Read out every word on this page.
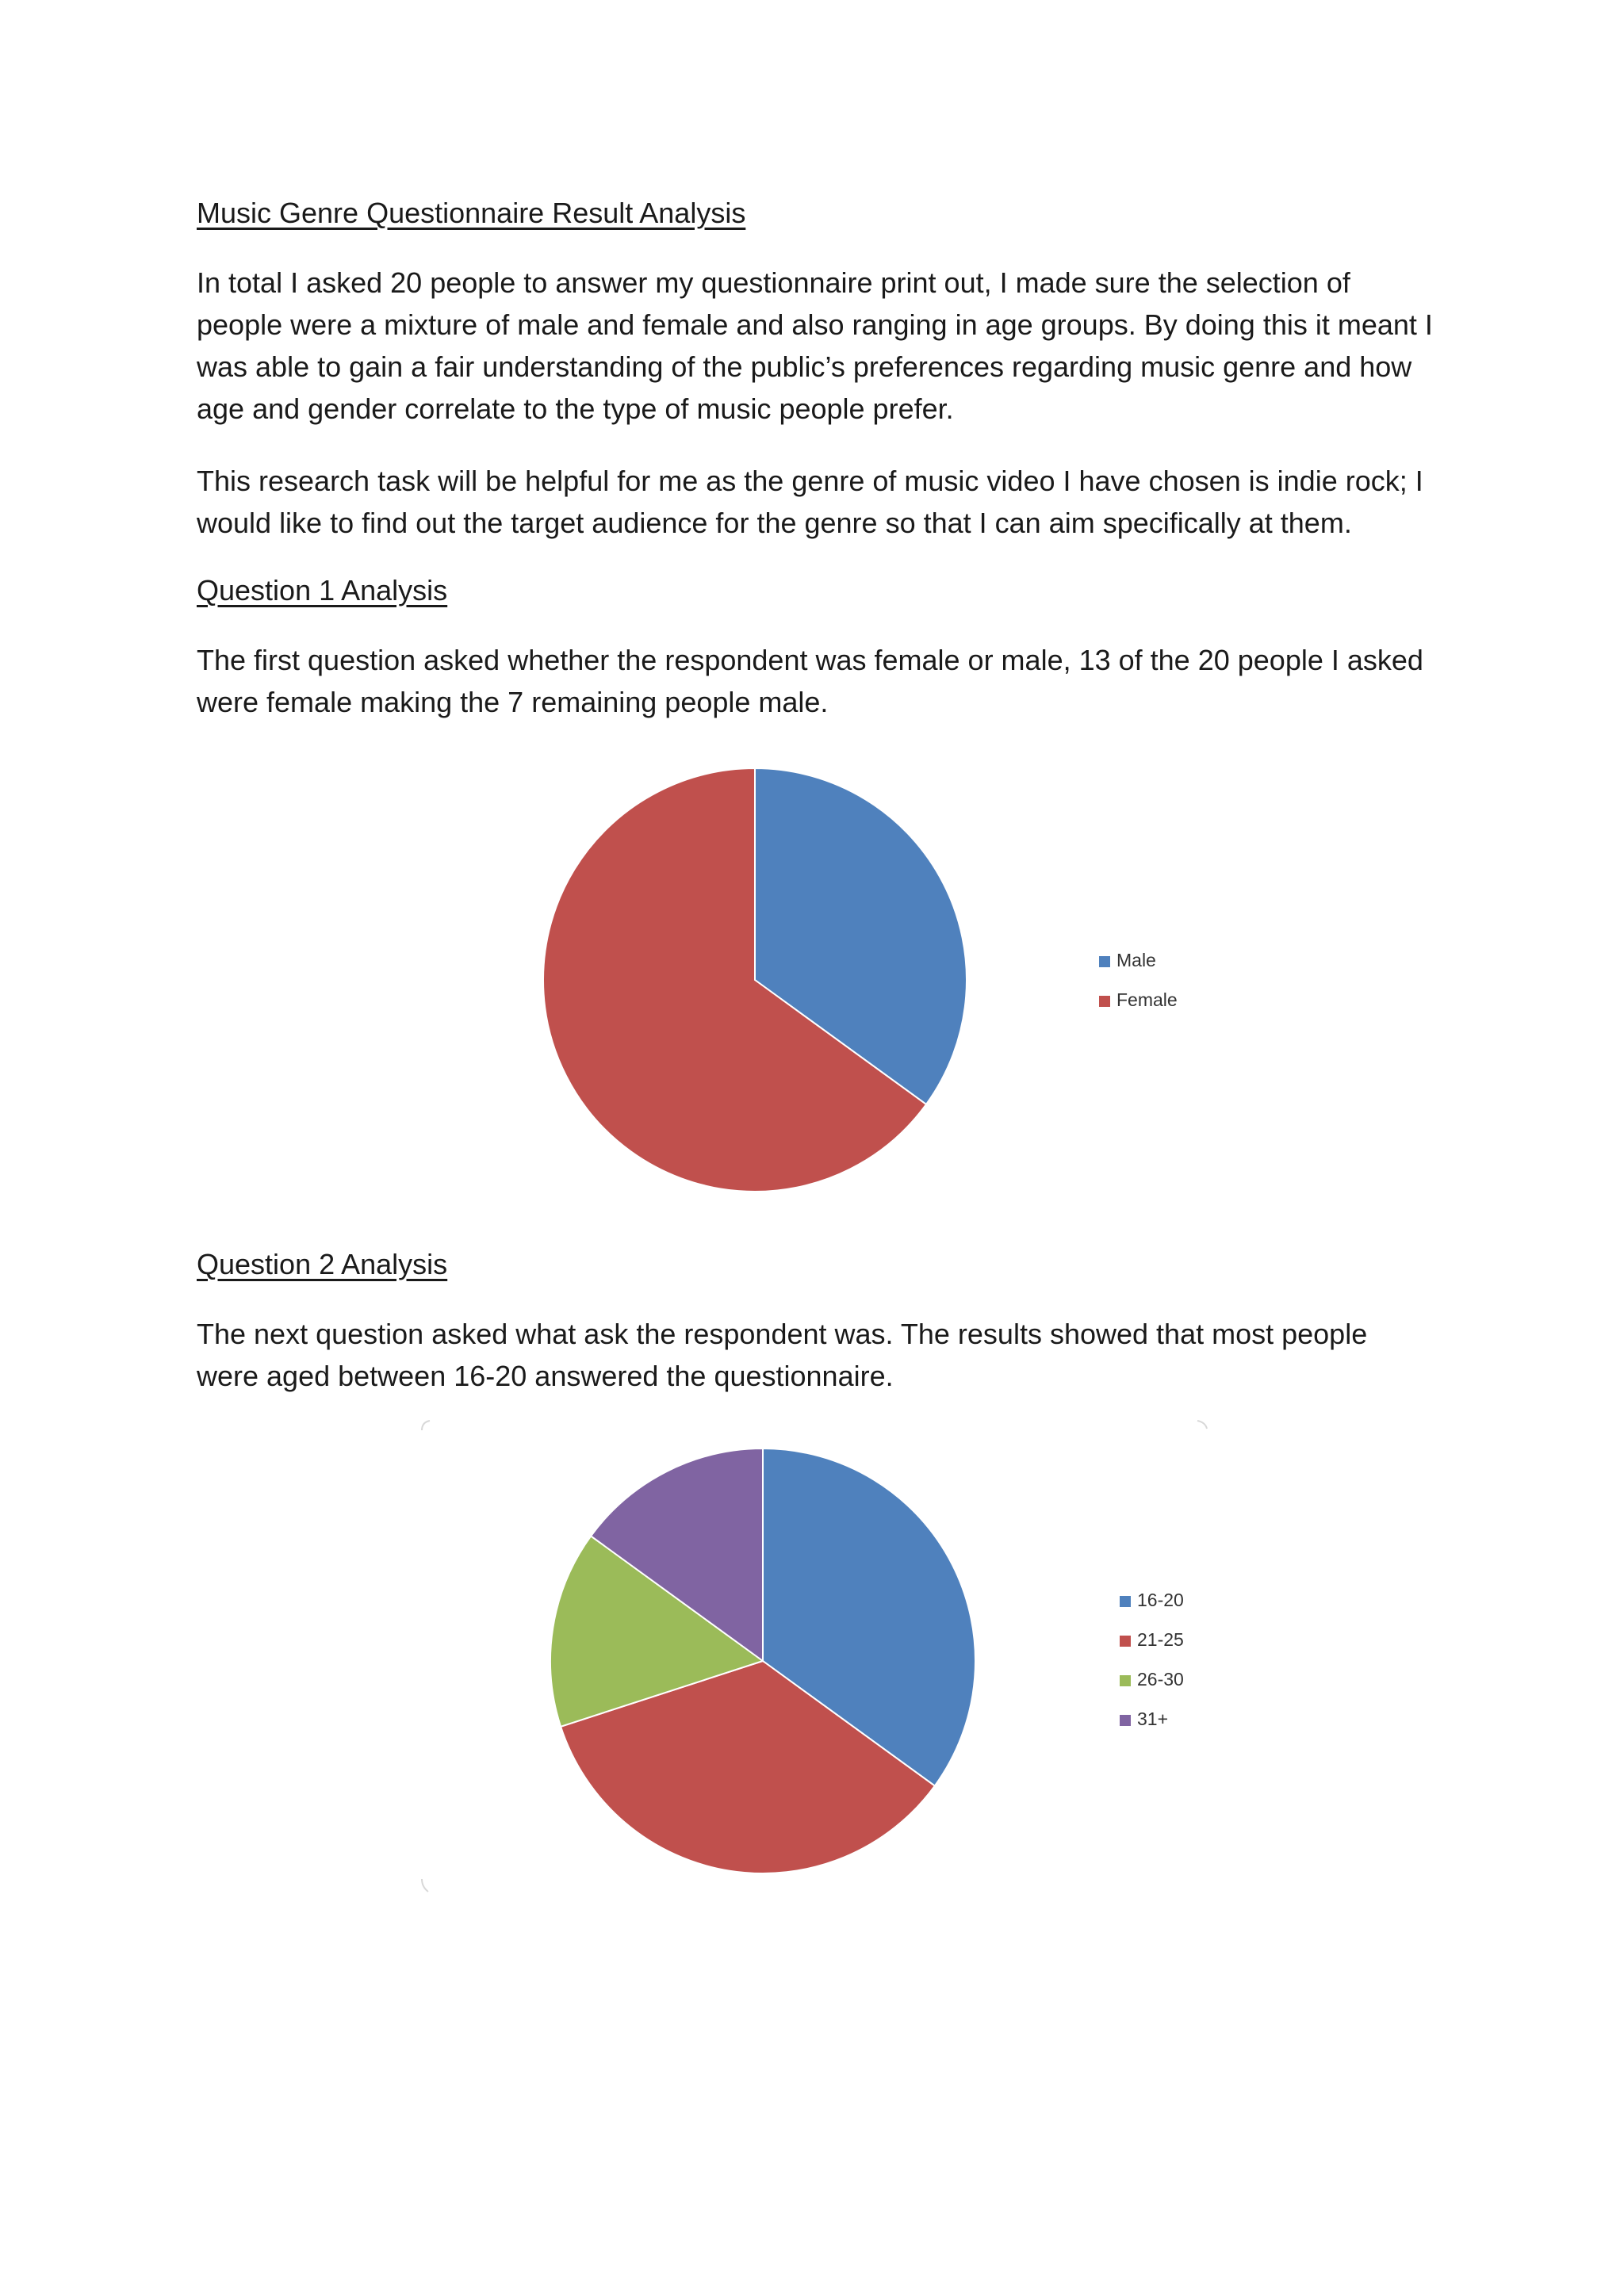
Music Genre Questionnaire Result Analysis

In total I asked 20 people to answer my questionnaire print out, I made sure the selection of people were a mixture of male and female and also ranging in age groups. By doing this it meant I was able to gain a fair understanding of the public’s preferences regarding music genre and how age and gender correlate to the type of music people prefer.

This research task will be helpful for me as the genre of music video I have chosen is indie rock; I would like to find out the target audience for the genre so that I can aim specifically at them.

Question 1 Analysis

The first question asked whether the respondent was female or male, 13 of the 20 people I asked were female making the 7 remaining people male.

Male
Female

Question 2 Analysis

The next question asked what ask the respondent was. The results showed that most people were aged between 16-20 answered the questionnaire.

16-20
21-25
26-30
31+
